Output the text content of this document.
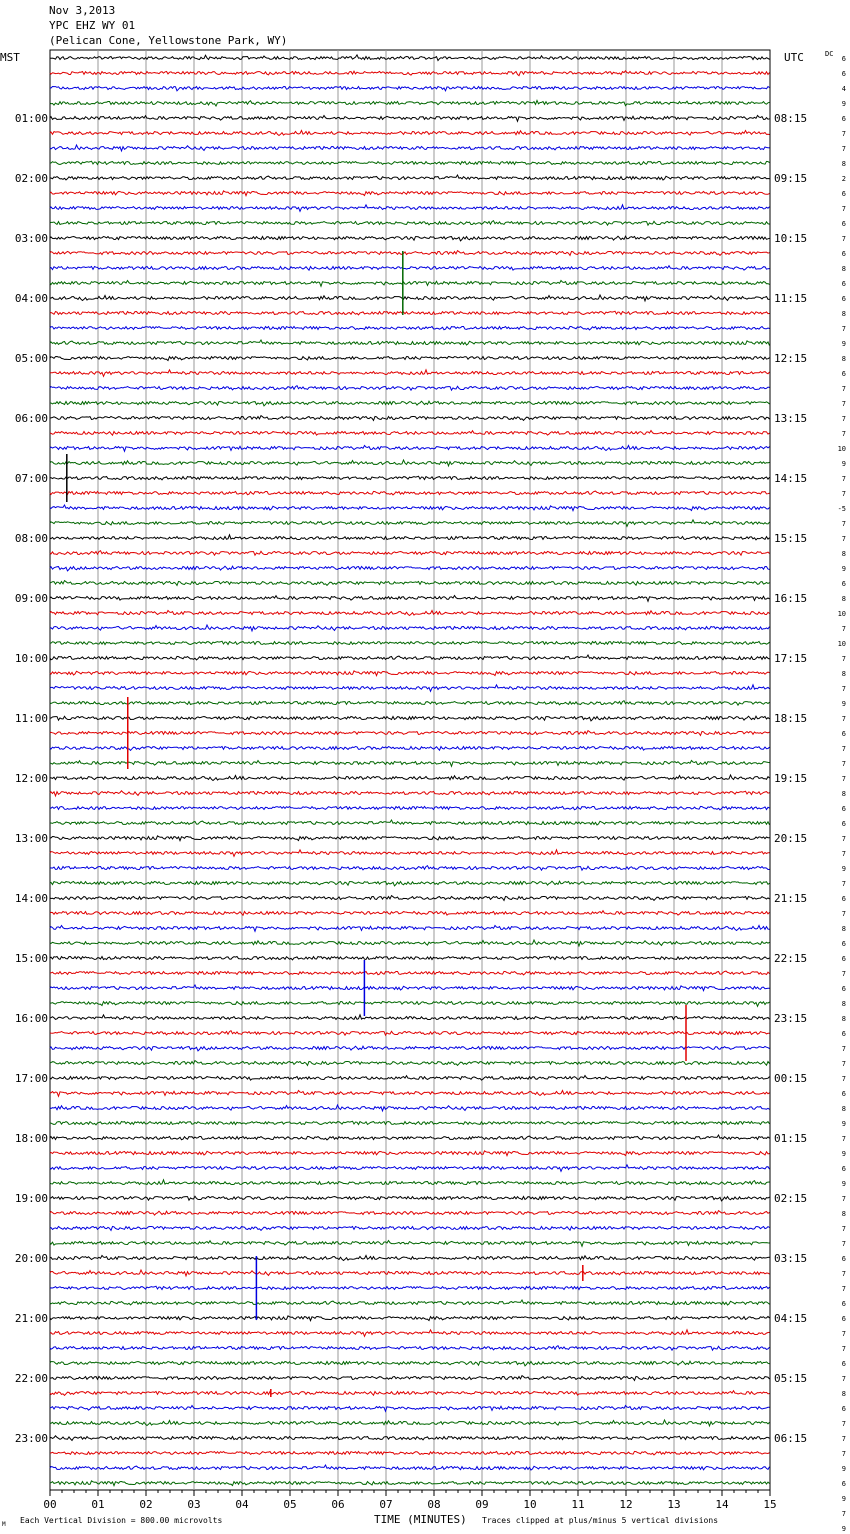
Nov 3,2013
YPC EHZ WY 01
(Pelican Cone, Yellowstone Park, WY)
MST	UTC	DC
01:00	08:15
02:00	09:15
03:00	10:15
04:00	11:15
05:00	12:15
06:00	13:15
07:00	14:15
08:00	15:15
09:00	16:15
10:00	17:15
11:00	18:15
12:00	19:15
13:00	20:15
14:00	21:15
15:00	22:15
16:00	23:15
17:00	00:15
18:00	01:15
19:00	02:15
20:00	03:15
21:00	04:15
22:00	05:15
23:00	06:15
6
6
4
9
6
7
7
8
2
6
7
6
7
6
8
6
6
8
7
9
8
6
7
7
7
7
10
9
7
7
-5
7
7
8
9
6
8
10
7
10
7
8
7
9
7
6
7
7
7
8
6
6
7
7
9
7
6
7
8
6
6
7
6
8
8
6
7
7
7
6
8
9
7
9
6
9
7
8
7
7
6
7
7
6
6
7
7
6
7
8
6
7
7
7
9
6
9
7
9
00	01	02	03	04	05	06	07	08	09	10	11	12	13	14	15
TIME (MINUTES)
M Each Vertical Division = 800.00 microvolts	Traces clipped at plus/minus 5 vertical divisions
